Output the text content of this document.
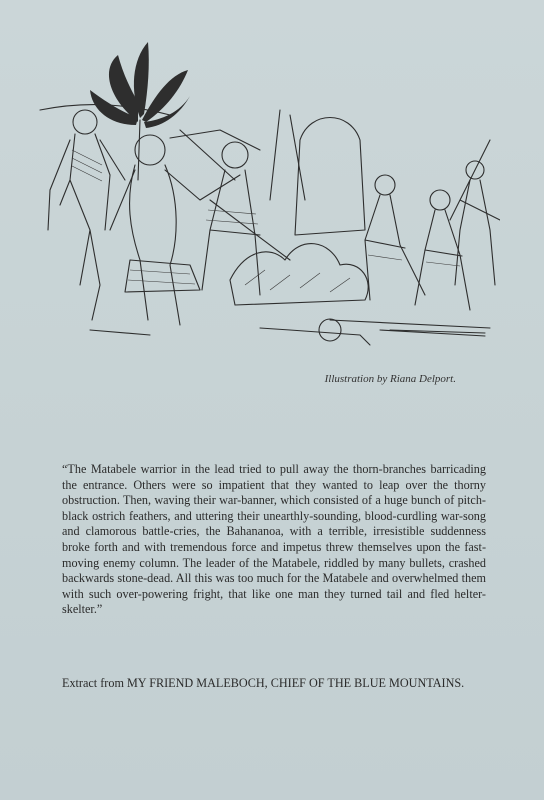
Illustration by Riana Delport.

“The Matabele warrior in the lead tried to pull away the thorn-branches barricading the entrance. Others were so impatient that they wanted to leap over the thorny obstruction. Then, waving their war-banner, which consisted of a huge bunch of pitch-black ostrich feathers, and uttering their unearthly-sounding, blood-curdling war-song and clamorous battle-cries, the Bahananoa, with a terrible, irresistible suddenness broke forth and with tremendous force and impetus threw themselves upon the fast-moving enemy column. The leader of the Matabele, riddled by many bullets, crashed backwards stone-dead. All this was too much for the Matabele and overwhelmed them with such over-powering fright, that like one man they turned tail and fled helter-skelter.”

Extract from MY FRIEND MALEBOCH, CHIEF OF THE BLUE MOUNTAINS.
